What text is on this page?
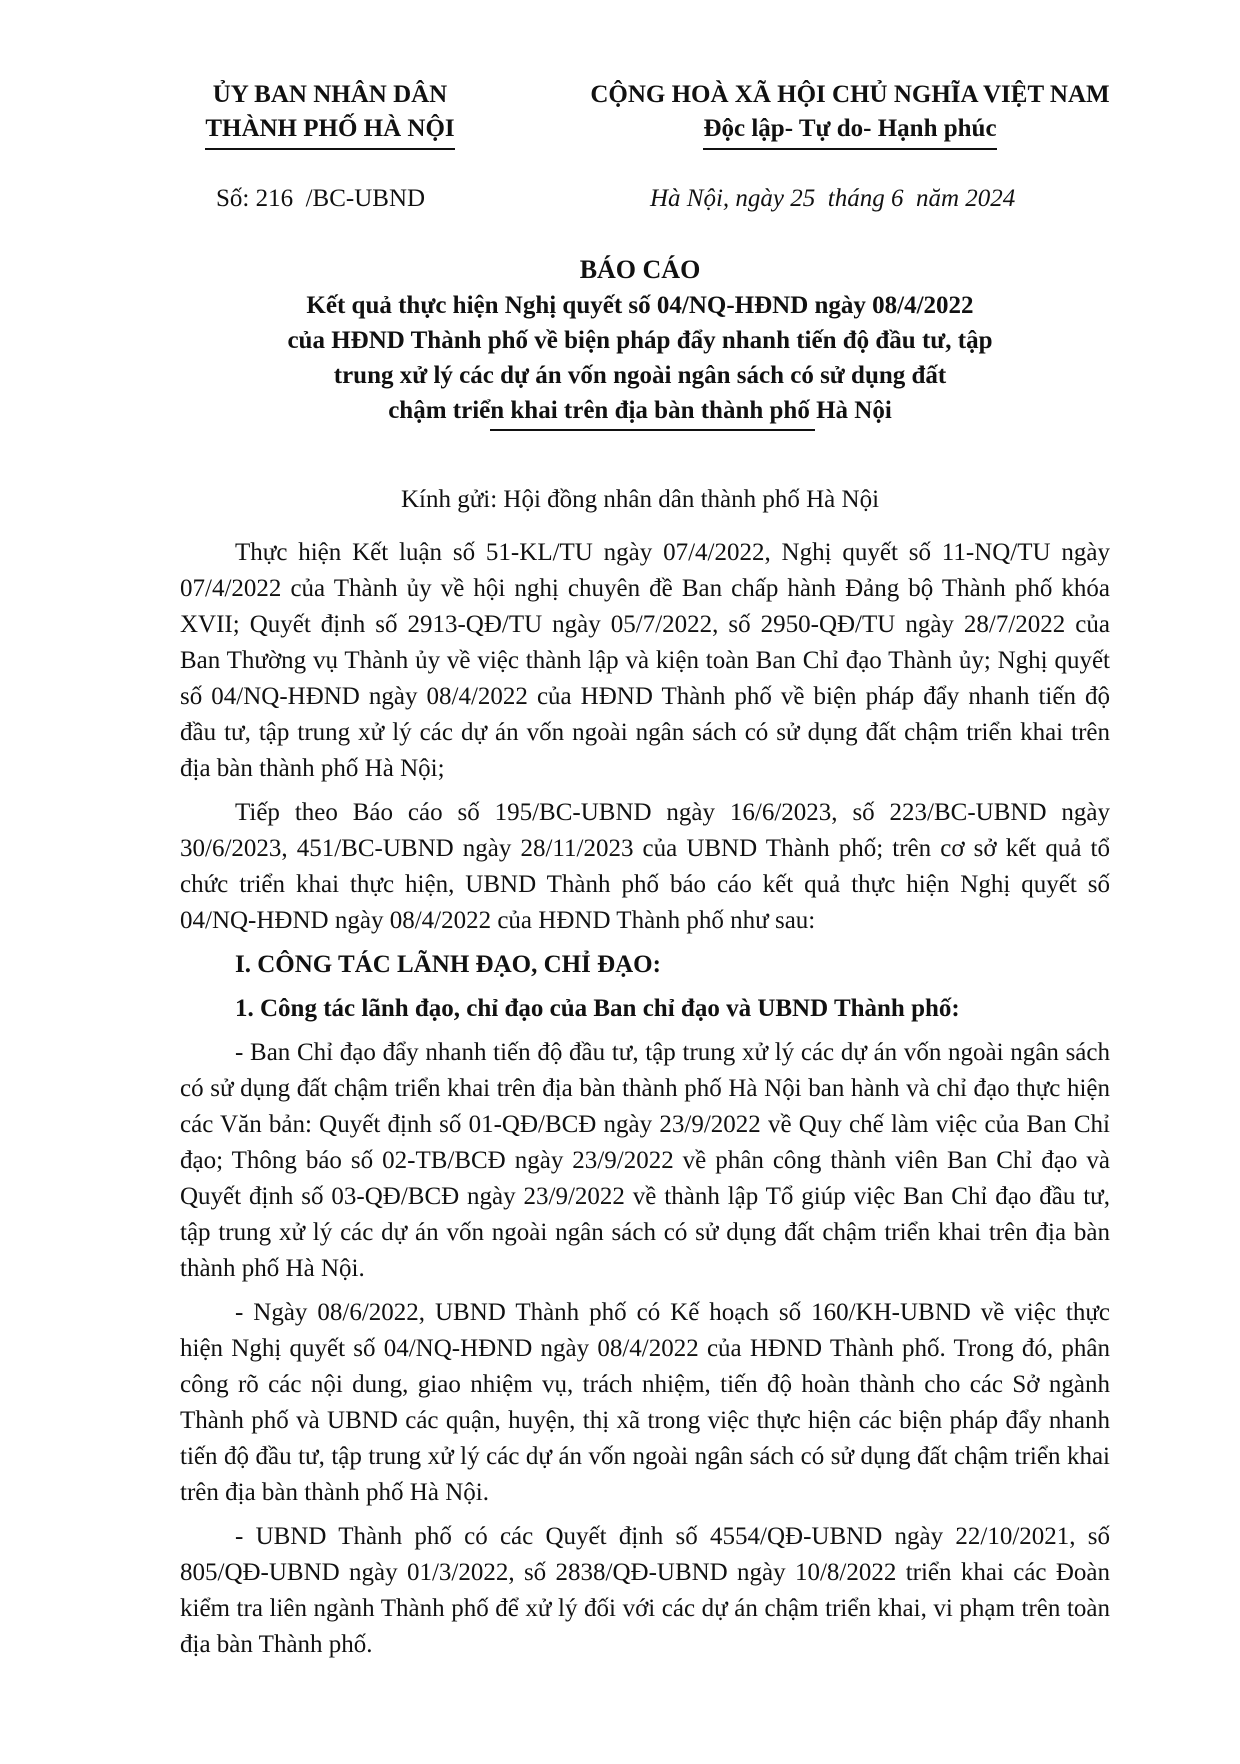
ỦY BAN NHÂN DÂN
THÀNH PHỐ HÀ NỘI
CỘNG HOÀ XÃ HỘI CHỦ NGHĨA VIỆT NAM
Độc lập- Tự do- Hạnh phúc
Số: 216  /BC-UBND	Hà Nội, ngày 25  tháng 6  năm 2024
BÁO CÁO
Kết quả thực hiện Nghị quyết số 04/NQ-HĐND ngày 08/4/2022
của HĐND Thành phố về biện pháp đẩy nhanh tiến độ đầu tư, tập
trung xử lý các dự án vốn ngoài ngân sách có sử dụng đất
chậm triển khai trên địa bàn thành phố Hà Nội
Kính gửi: Hội đồng nhân dân thành phố Hà Nội

Thực hiện Kết luận số 51-KL/TU ngày 07/4/2022, Nghị quyết số 11-NQ/TU ngày 07/4/2022 của Thành ủy về hội nghị chuyên đề Ban chấp hành Đảng bộ Thành phố khóa XVII; Quyết định số 2913-QĐ/TU ngày 05/7/2022, số 2950-QĐ/TU ngày 28/7/2022 của Ban Thường vụ Thành ủy về việc thành lập và kiện toàn Ban Chỉ đạo Thành ủy; Nghị quyết số 04/NQ-HĐND ngày 08/4/2022 của HĐND Thành phố về biện pháp đẩy nhanh tiến độ đầu tư, tập trung xử lý các dự án vốn ngoài ngân sách có sử dụng đất chậm triển khai trên địa bàn thành phố Hà Nội;

Tiếp theo Báo cáo số 195/BC-UBND ngày 16/6/2023, số 223/BC-UBND ngày 30/6/2023, 451/BC-UBND ngày 28/11/2023 của UBND Thành phố; trên cơ sở kết quả tổ chức triển khai thực hiện, UBND Thành phố báo cáo kết quả thực hiện Nghị quyết số 04/NQ-HĐND ngày 08/4/2022 của HĐND Thành phố như sau:

I. CÔNG TÁC LÃNH ĐẠO, CHỈ ĐẠO:
1. Công tác lãnh đạo, chỉ đạo của Ban chỉ đạo và UBND Thành phố:

- Ban Chỉ đạo đẩy nhanh tiến độ đầu tư, tập trung xử lý các dự án vốn ngoài ngân sách có sử dụng đất chậm triển khai trên địa bàn thành phố Hà Nội ban hành và chỉ đạo thực hiện các Văn bản: Quyết định số 01-QĐ/BCĐ ngày 23/9/2022 về Quy chế làm việc của Ban Chỉ đạo; Thông báo số 02-TB/BCĐ ngày 23/9/2022 về phân công thành viên Ban Chỉ đạo và Quyết định số 03-QĐ/BCĐ ngày 23/9/2022 về thành lập Tổ giúp việc Ban Chỉ đạo đầu tư, tập trung xử lý các dự án vốn ngoài ngân sách có sử dụng đất chậm triển khai trên địa bàn thành phố Hà Nội.

- Ngày 08/6/2022, UBND Thành phố có Kế hoạch số 160/KH-UBND về việc thực hiện Nghị quyết số 04/NQ-HĐND ngày 08/4/2022 của HĐND Thành phố. Trong đó, phân công rõ các nội dung, giao nhiệm vụ, trách nhiệm, tiến độ hoàn thành cho các Sở ngành Thành phố và UBND các quận, huyện, thị xã trong việc thực hiện các biện pháp đẩy nhanh tiến độ đầu tư, tập trung xử lý các dự án vốn ngoài ngân sách có sử dụng đất chậm triển khai trên địa bàn thành phố Hà Nội.

- UBND Thành phố có các Quyết định số 4554/QĐ-UBND ngày 22/10/2021, số 805/QĐ-UBND ngày 01/3/2022, số 2838/QĐ-UBND ngày 10/8/2022 triển khai các Đoàn kiểm tra liên ngành Thành phố để xử lý đối với các dự án chậm triển khai, vi phạm trên toàn địa bàn Thành phố.
